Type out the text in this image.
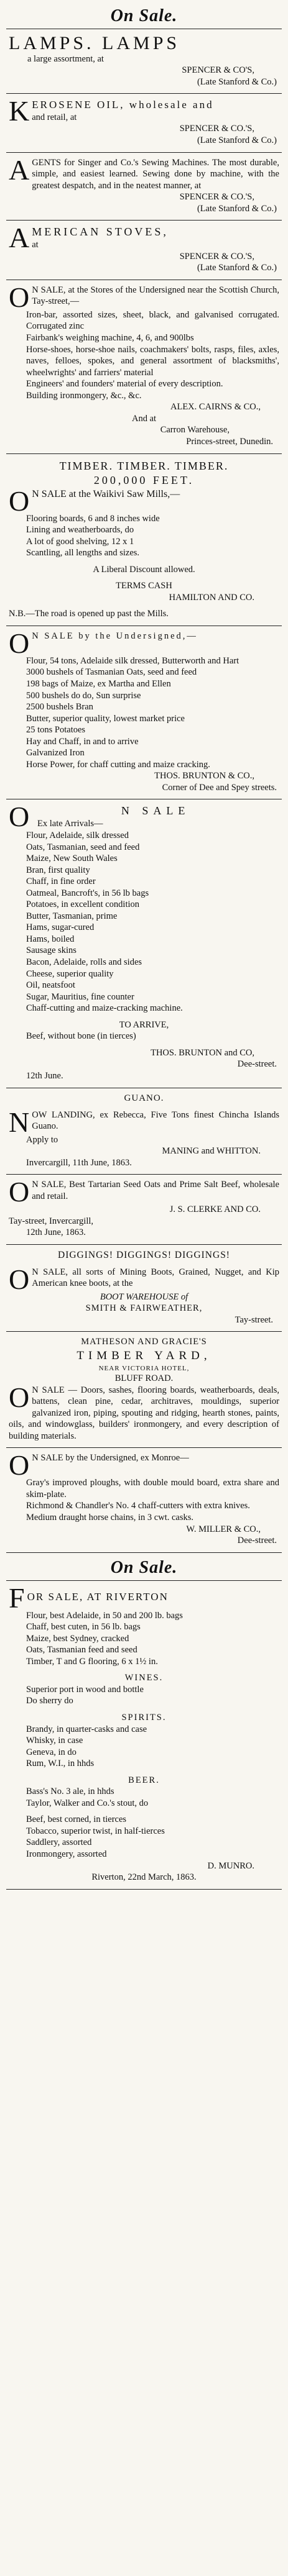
On Sale.
LAMPS. LAMPS
a large assortment, at
SPENCER & CO'S,
(Late Stanford & Co.)
K EROSENE OIL, wholesale and
and retail, at
SPENCER & CO.'S,
(Late Stanford & Co.)
A GENTS for Singer and Co.'s Sewing Machines. The most durable, simple, and easiest learned. Sewing done by machine, with the greatest despatch, and in the neatest manner, at

SPENCER & CO.'S,
(Late Stanford & Co.)
A MERICAN STOVES,
at
SPENCER & CO.'S,
(Late Stanford & Co.)
O N SALE, at the Stores of the Undersigned near the Scottish Church, Tay-street,—

Iron-bar, assorted sizes, sheet, black, and galvanised corrugated. Corrugated zinc

Fairbank's weighing machine, 4, 6, and 900lbs

Horse-shoes, horse-shoe nails, coachmakers' bolts, rasps, files, axles, naves, felloes, spokes, and general assortment of blacksmiths', wheelwrights' and farriers' material

Engineers' and founders' material of every description.

Building ironmongery, &c., &c.

ALEX. CAIRNS & CO.,
And at
Carron Warehouse,
Princes-street, Dunedin.
TIMBER. TIMBER. TIMBER.
200,000 FEET.
O N SALE at the Waikivi Saw Mills,—

Flooring boards, 6 and 8 inches wide

Lining and weatherboards, do

A lot of good shelving, 12 x 1

Scantling, all lengths and sizes.

A Liberal Discount allowed.
TERMS CASH
HAMILTON AND CO.

N.B.—The road is opened up past the Mills.

O N SALE by the Undersigned,—

Flour, 54 tons, Adelaide silk dressed, Butterworth and Hart

3000 bushels of Tasmanian Oats, seed and feed

198 bags of Maize, ex Martha and Ellen

500 bushels do do, Sun surprise

2500 bushels Bran

Butter, superior quality, lowest market price

25 tons Potatoes

Hay and Chaff, in and to arrive

Galvanized Iron

Horse Power, for chaff cutting and maize cracking.

THOS. BRUNTON & CO.,
Corner of Dee and Spey streets.
O	N SALE
Ex late Arrivals—

Flour, Adelaide, silk dressed

Oats, Tasmanian, seed and feed

Maize, New South Wales

Bran, first quality

Chaff, in fine order

Oatmeal, Bancroft's, in 56 lb bags

Potatoes, in excellent condition

Butter, Tasmanian, prime

Hams, sugar-cured

Hams, boiled

Sausage skins

Bacon, Adelaide, rolls and sides

Cheese, superior quality

Oil, neatsfoot

Sugar, Mauritius, fine counter

Chaff-cutting and maize-cracking machine.

TO ARRIVE,

Beef, without bone (in tierces)

THOS. BRUNTON and CO,
Dee-street.
12th June.
GUANO.
N OW LANDING, ex Rebecca, Five Tons finest Chincha Islands Guano.

Apply to
MANING and WHITTON.
Invercargill, 11th June, 1863.
O N SALE, Best Tartarian Seed Oats and Prime Salt Beef, wholesale and retail.

J. S. CLERKE AND CO.
Tay-street, Invercargill,
12th June, 1863.
DIGGINGS! DIGGINGS! DIGGINGS!
O N SALE, all sorts of Mining Boots, Grained, Nugget, and Kip American knee boots, at the

BOOT WAREHOUSE of
SMITH & FAIRWEATHER,
Tay-street.
MATHESON AND GRACIE'S
TIMBER YARD,
NEAR VICTORIA HOTEL,
BLUFF ROAD.
O N SALE — Doors, sashes, flooring boards, weatherboards, deals, battens, clean pine, cedar, architraves, mouldings, superior galvanized iron, piping, spouting and ridging, hearth stones, paints, oils, and windowglass, builders' ironmongery, and every description of building materials.

O N SALE by the Undersigned, ex Monroe—

Gray's improved ploughs, with double mould board, extra share and skim-plate.

Richmond & Chandler's No. 4 chaff-cutters with extra knives.

Medium draught horse chains, in 3 cwt. casks.

W. MILLER & CO.,
Dee-street.
On Sale.
F OR SALE, AT RIVERTON

Flour, best Adelaide, in 50 and 200 lb. bags

Chaff, best cuten, in 56 lb. bags

Maize, best Sydney, cracked

Oats, Tasmanian feed and seed

Timber, T and G flooring, 6 x 1½ in.

WINES.

Superior port in wood and bottle

Do sherry do

SPIRITS.

Brandy, in quarter-casks and case

Whisky, in case

Geneva, in do

Rum, W.I., in hhds

BEER.

Bass's No. 3 ale, in hhds

Taylor, Walker and Co.'s stout, do

Beef, best corned, in tierces

Tobacco, superior twist, in half-tierces

Saddlery, assorted

Ironmongery, assorted

D. MUNRO.
Riverton, 22nd March, 1863.
